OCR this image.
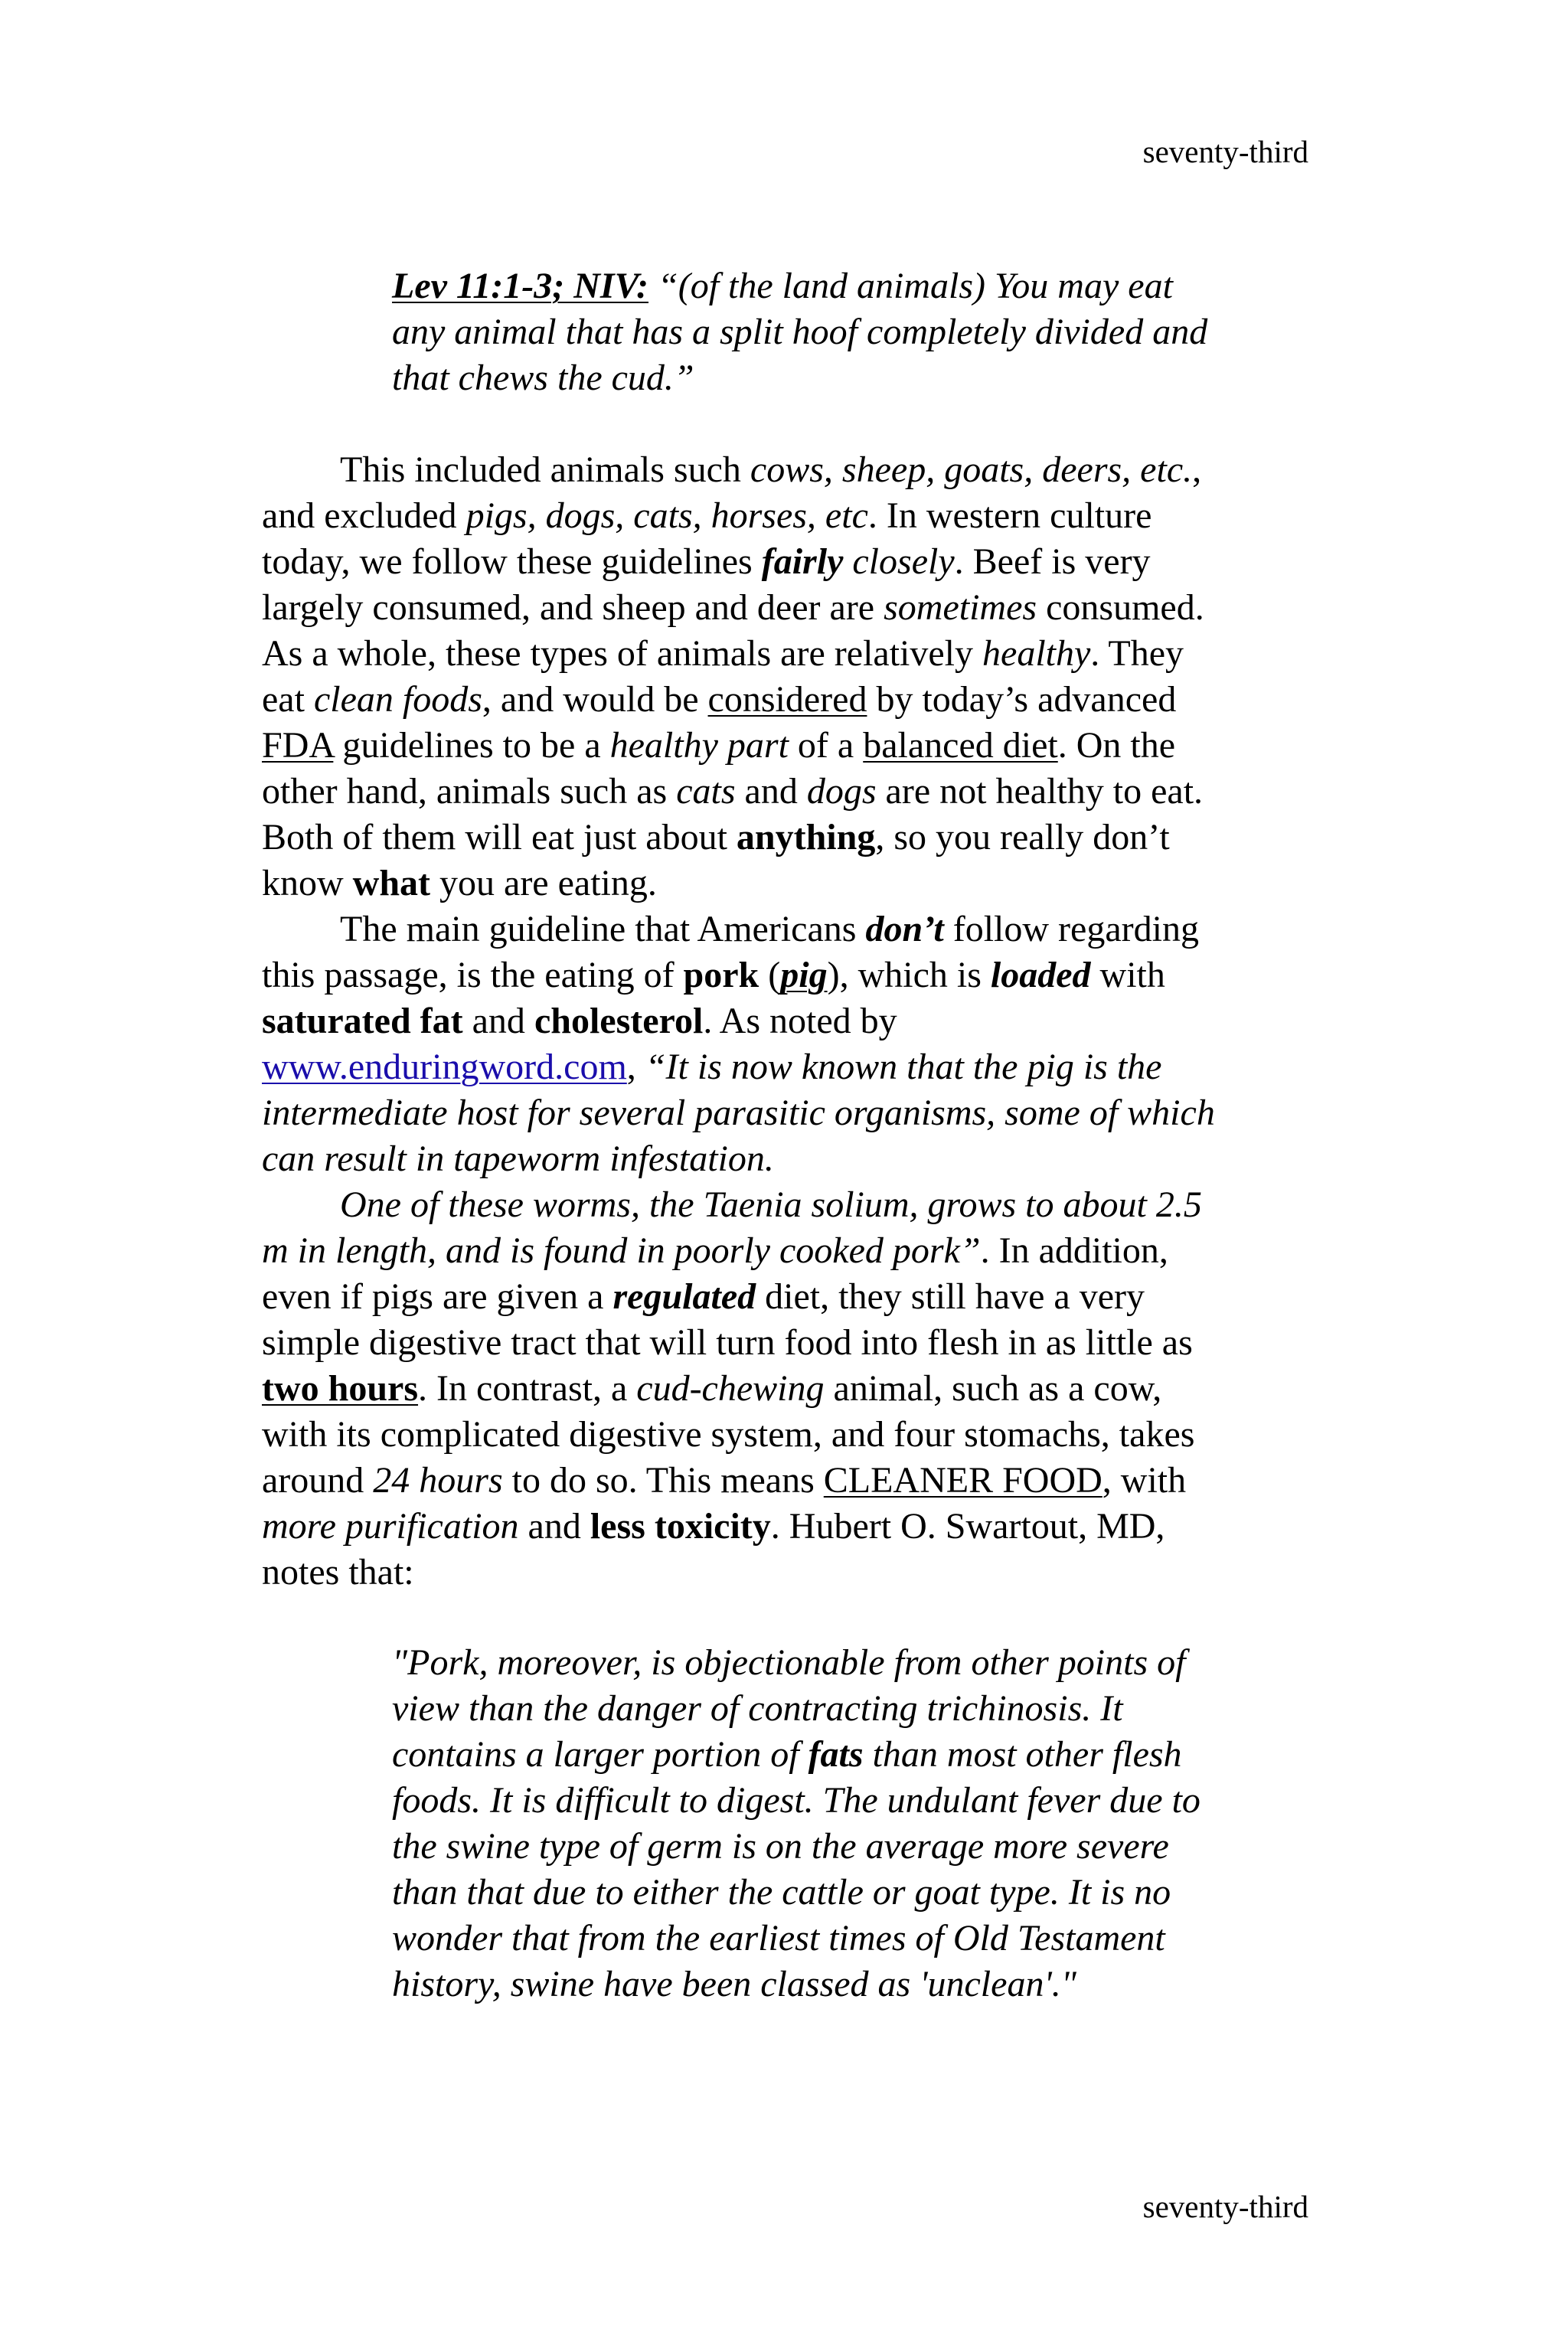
seventy-third
Lev 11:1-3; NIV: “(of the land animals) You may eat
any animal that has a split hoof completely divided and
that chews the cud.”
This included animals such cows, sheep, goats, deers, etc.,
and excluded pigs, dogs, cats, horses, etc. In western culture
today, we follow these guidelines fairly closely. Beef is very
largely consumed, and sheep and deer are sometimes consumed.
As a whole, these types of animals are relatively healthy. They
eat clean foods, and would be considered by today’s advanced
FDA guidelines to be a healthy part of a balanced diet. On the
other hand, animals such as cats and dogs are not healthy to eat.
Both of them will eat just about anything, so you really don’t
know what you are eating.
The main guideline that Americans don’t follow regarding
this passage, is the eating of pork (pig), which is loaded with
saturated fat and cholesterol. As noted by
www.enduringword.com, “It is now known that the pig is the
intermediate host for several parasitic organisms, some of which
can result in tapeworm infestation.
One of these worms, the Taenia solium, grows to about 2.5
m in length, and is found in poorly cooked pork”. In addition,
even if pigs are given a regulated diet, they still have a very
simple digestive tract that will turn food into flesh in as little as
two hours. In contrast, a cud-chewing animal, such as a cow,
with its complicated digestive system, and four stomachs, takes
around 24 hours to do so. This means CLEANER FOOD, with
more purification and less toxicity. Hubert O. Swartout, MD,
notes that:
"Pork, moreover, is objectionable from other points of
view than the danger of contracting trichinosis. It
contains a larger portion of fats than most other flesh
foods. It is difficult to digest. The undulant fever due to
the swine type of germ is on the average more severe
than that due to either the cattle or goat type. It is no
wonder that from the earliest times of Old Testament
history, swine have been classed as 'unclean'."
seventy-third
